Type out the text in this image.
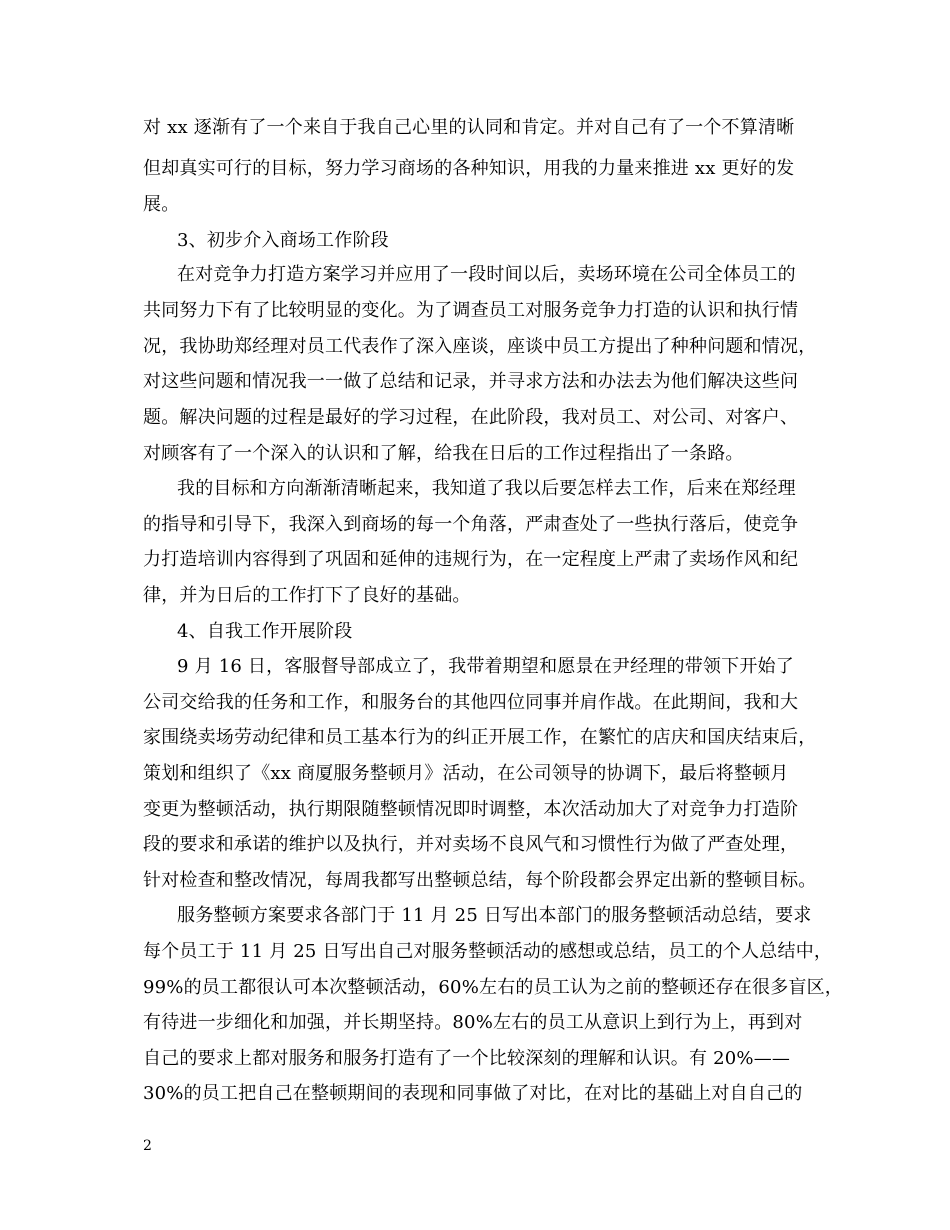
对 xx 逐渐有了一个来自于我自己心里的认同和肯定。并对自己有了一个不算清晰
但却真实可行的目标，努力学习商场的各种知识，用我的力量来推进 xx 更好的发
展。
3、初步介入商场工作阶段
在对竞争力打造方案学习并应用了一段时间以后，卖场环境在公司全体员工的
共同努力下有了比较明显的变化。为了调查员工对服务竞争力打造的认识和执行情
况，我协助郑经理对员工代表作了深入座谈，座谈中员工方提出了种种问题和情况，
对这些问题和情况我一一做了总结和记录，并寻求方法和办法去为他们解决这些问
题。解决问题的过程是最好的学习过程，在此阶段，我对员工、对公司、对客户、
对顾客有了一个深入的认识和了解，给我在日后的工作过程指出了一条路。
我的目标和方向渐渐清晰起来，我知道了我以后要怎样去工作，后来在郑经理
的指导和引导下，我深入到商场的每一个角落，严肃查处了一些执行落后，使竞争
力打造培训内容得到了巩固和延伸的违规行为，在一定程度上严肃了卖场作风和纪
律，并为日后的工作打下了良好的基础。
4、自我工作开展阶段
9 月 16 日，客服督导部成立了，我带着期望和愿景在尹经理的带领下开始了
公司交给我的任务和工作，和服务台的其他四位同事并肩作战。在此期间，我和大
家围绕卖场劳动纪律和员工基本行为的纠正开展工作，在繁忙的店庆和国庆结束后，
策划和组织了《xx 商厦服务整顿月》活动，在公司领导的协调下，最后将整顿月
变更为整顿活动，执行期限随整顿情况即时调整，本次活动加大了对竞争力打造阶
段的要求和承诺的维护以及执行，并对卖场不良风气和习惯性行为做了严查处理，
针对检查和整改情况，每周我都写出整顿总结，每个阶段都会界定出新的整顿目标。
服务整顿方案要求各部门于 11 月 25 日写出本部门的服务整顿活动总结，要求
每个员工于 11 月 25 日写出自己对服务整顿活动的感想或总结，员工的个人总结中，
99%的员工都很认可本次整顿活动，60%左右的员工认为之前的整顿还存在很多盲区，
有待进一步细化和加强，并长期坚持。80%左右的员工从意识上到行为上，再到对
自己的要求上都对服务和服务打造有了一个比较深刻的理解和认识。有 20%——
30%的员工把自己在整顿期间的表现和同事做了对比，在对比的基础上对自自己的
2
